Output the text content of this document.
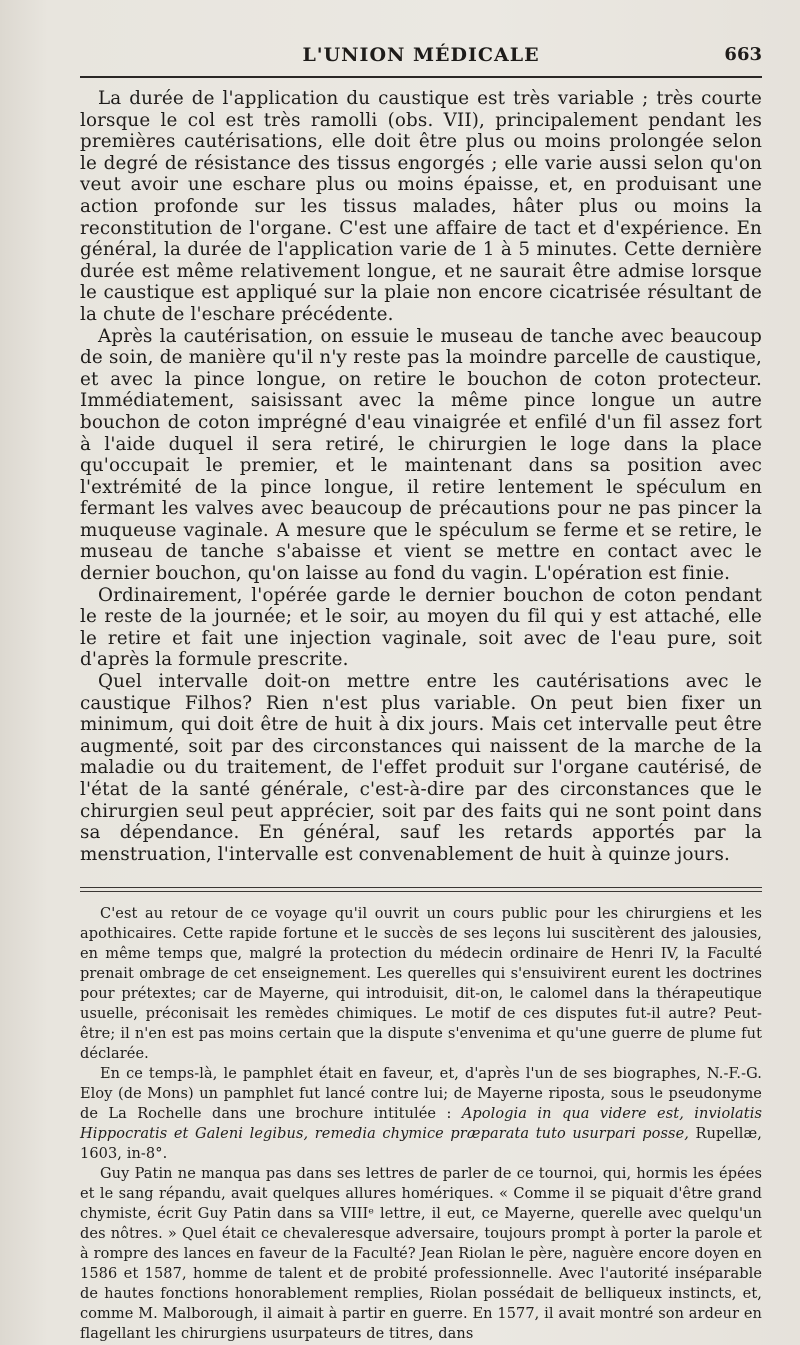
L'UNION MÉDICALE	663

La durée de l'application du caustique est très variable ; très courte lorsque le col est très ramolli (obs. VII), principalement pendant les premières cautérisations, elle doit être plus ou moins prolongée selon le degré de résistance des tissus engorgés ; elle varie aussi selon qu'on veut avoir une eschare plus ou moins épaisse, et, en produisant une action profonde sur les tissus malades, hâter plus ou moins la reconstitution de l'organe. C'est une affaire de tact et d'expérience. En général, la durée de l'application varie de 1 à 5 minutes. Cette dernière durée est même relativement longue, et ne saurait être admise lorsque le caustique est appliqué sur la plaie non encore cicatrisée résultant de la chute de l'eschare précédente.

Après la cautérisation, on essuie le museau de tanche avec beaucoup de soin, de manière qu'il n'y reste pas la moindre parcelle de caustique, et avec la pince longue, on retire le bouchon de coton protecteur. Immédiatement, saisissant avec la même pince longue un autre bouchon de coton imprégné d'eau vinaigrée et enfilé d'un fil assez fort à l'aide duquel il sera retiré, le chirurgien le loge dans la place qu'occupait le premier, et le maintenant dans sa position avec l'extrémité de la pince longue, il retire lentement le spéculum en fermant les valves avec beaucoup de précautions pour ne pas pincer la muqueuse vaginale. A mesure que le spéculum se ferme et se retire, le museau de tanche s'abaisse et vient se mettre en contact avec le dernier bouchon, qu'on laisse au fond du vagin. L'opération est finie.

Ordinairement, l'opérée garde le dernier bouchon de coton pendant le reste de la journée; et le soir, au moyen du fil qui y est attaché, elle le retire et fait une injection vaginale, soit avec de l'eau pure, soit d'après la formule prescrite.

Quel intervalle doit-on mettre entre les cautérisations avec le caustique Filhos? Rien n'est plus variable. On peut bien fixer un minimum, qui doit être de huit à dix jours. Mais cet intervalle peut être augmenté, soit par des circonstances qui naissent de la marche de la maladie ou du traitement, de l'effet produit sur l'organe cautérisé, de l'état de la santé générale, c'est-à-dire par des circonstances que le chirurgien seul peut apprécier, soit par des faits qui ne sont point dans sa dépendance. En général, sauf les retards apportés par la menstruation, l'intervalle est convenablement de huit à quinze jours.

C'est au retour de ce voyage qu'il ouvrit un cours public pour les chirurgiens et les apothicaires. Cette rapide fortune et le succès de ses leçons lui suscitèrent des jalousies, en même temps que, malgré la protection du médecin ordinaire de Henri IV, la Faculté prenait ombrage de cet enseignement. Les querelles qui s'ensuivirent eurent les doctrines pour prétextes; car de Mayerne, qui introduisit, dit-on, le calomel dans la thérapeutique usuelle, préconisait les remèdes chimiques. Le motif de ces disputes fut-il autre? Peut-être; il n'en est pas moins certain que la dispute s'envenima et qu'une guerre de plume fut déclarée.

En ce temps-là, le pamphlet était en faveur, et, d'après l'un de ses biographes, N.-F.-G. Eloy (de Mons) un pamphlet fut lancé contre lui; de Mayerne riposta, sous le pseudonyme de La Rochelle dans une brochure intitulée : Apologia in qua videre est, inviolatis Hippocratis et Galeni legibus, remedia chymice præparata tuto usurpari posse, Rupellæ, 1603, in-8°.

Guy Patin ne manqua pas dans ses lettres de parler de ce tournoi, qui, hormis les épées et le sang répandu, avait quelques allures homériques. « Comme il se piquait d'être grand chymiste, écrit Guy Patin dans sa VIIIᵉ lettre, il eut, ce Mayerne, querelle avec quelqu'un des nôtres. » Quel était ce chevaleresque adversaire, toujours prompt à porter la parole et à rompre des lances en faveur de la Faculté? Jean Riolan le père, naguère encore doyen en 1586 et 1587, homme de talent et de probité professionnelle. Avec l'autorité inséparable de hautes fonctions honorablement remplies, Riolan possédait de belliqueux instincts, et, comme M. Malborough, il aimait à partir en guerre. En 1577, il avait montré son ardeur en flagellant les chirurgiens usurpateurs de titres, dans
